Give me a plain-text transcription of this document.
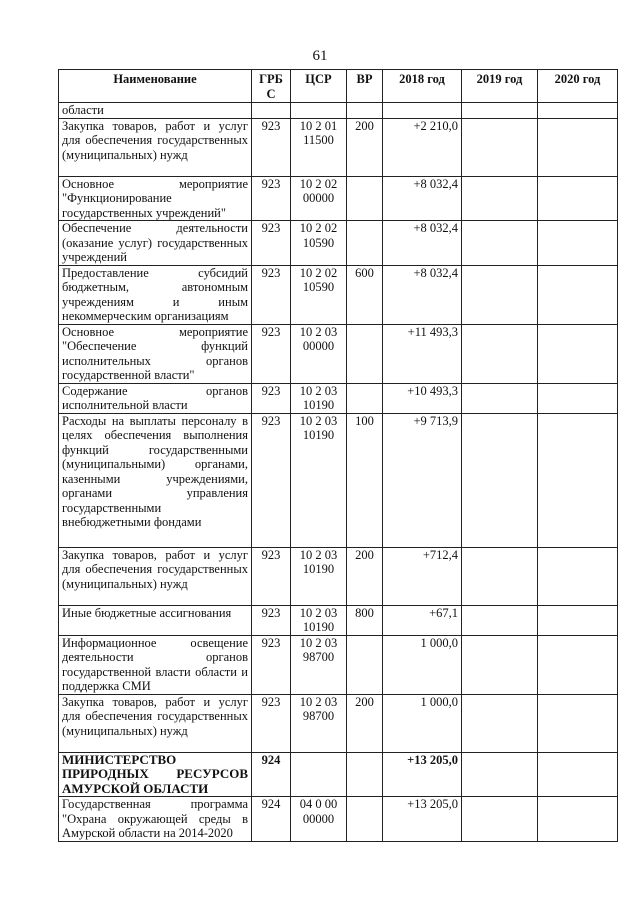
61
Наименование	ГРБ С	ЦСР	ВР	2018 год	2019 год	2020 год
области						
Закупка товаров, работ и услуг для обеспечения государственных (муниципальных) нужд	923	10 2 01 11500	200	+2 210,0		
Основное мероприятие "Функционирование государственных учреждений"	923	10 2 02 00000		+8 032,4		
Обеспечение деятельности (оказание услуг) государственных учреждений	923	10 2 02 10590		+8 032,4		
Предоставление субсидий бюджетным, автономным учреждениям и иным некоммерческим организациям	923	10 2 02 10590	600	+8 032,4		
Основное мероприятие "Обеспечение функций исполнительных органов государственной власти"	923	10 2 03 00000		+11 493,3		
Содержание органов исполнительной власти	923	10 2 03 10190		+10 493,3		
Расходы на выплаты персоналу в целях обеспечения выполнения функций государственными (муниципальными) органами, казенными учреждениями, органами управления государственными внебюджетными фондами	923	10 2 03 10190	100	+9 713,9		
Закупка товаров, работ и услуг для обеспечения государственных (муниципальных) нужд	923	10 2 03 10190	200	+712,4		
Иные бюджетные ассигнования	923	10 2 03 10190	800	+67,1		
Информационное освещение деятельности органов государственной власти области и поддержка СМИ	923	10 2 03 98700		1 000,0		
Закупка товаров, работ и услуг для обеспечения государственных (муниципальных) нужд	923	10 2 03 98700	200	1 000,0		
МИНИСТЕРСТВО ПРИРОДНЫХ РЕСУРСОВ АМУРСКОЙ ОБЛАСТИ	924			+13 205,0		
Государственная программа "Охрана окружающей среды в Амурской области на 2014-2020	924	04 0 00 00000		+13 205,0		
